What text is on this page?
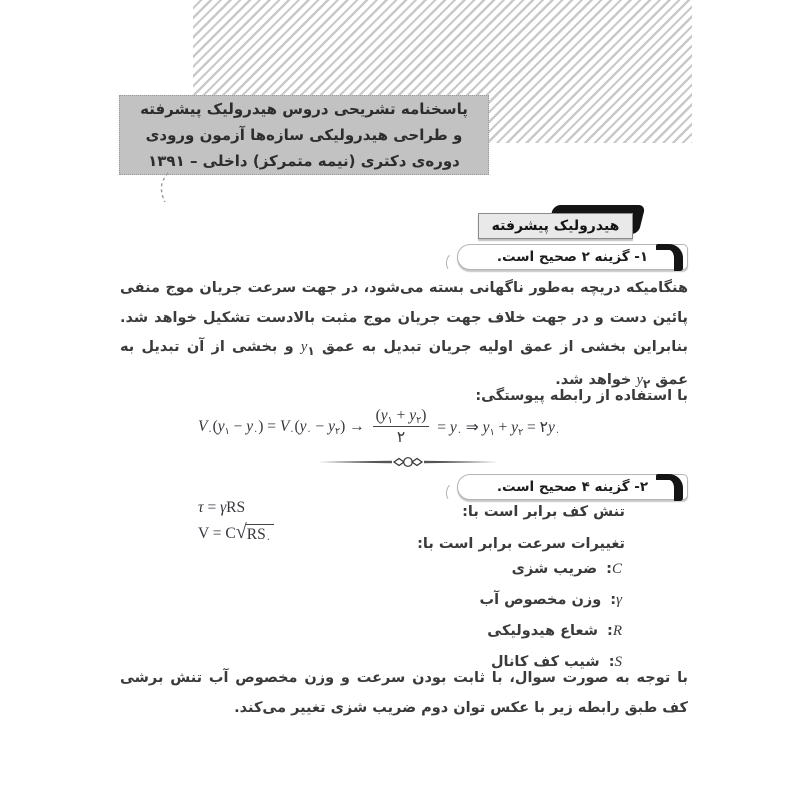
پاسخنامه تشریحی دروس هیدرولیک پیشرفته
و طراحی هیدرولیکی سازه‌ها آزمون ورودی
دوره‌ی دکتری (نیمه متمرکز) داخلی – ۱۳۹۱
هیدرولیک پیشرفته
۱- گزینه ۲ صحیح است.

هنگامیکه دریچه به‌طور ناگهانی بسته می‌شود، در جهت سرعت جریان موج منفی پائین دست و در جهت خلاف جهت جریان موج مثبت بالادست تشکیل خواهد شد. بنابراین بخشی از عمق اولیه جریان تبدیل به عمق $y_۱$ و بخشی از آن تبدیل به عمق $y_۲$ خواهد شد.

با استفاده از رابطه پیوستگی:
$V_۰(y_۱ - y_۰) = V_۰(y_۰ - y_۲) \to \frac{(y_۱ + y_۲)}{۲} = y_۰$ ⇒ $y_۱ + y_۲$ = $۲y_۰$
۲- گزینه ۴ صحیح است.
تنش کف برابر است با:
τ = γ RS
تغییرات سرعت برابر است با:
V = C √ $RS_۰$
C: ضریب شزی
γ: وزن مخصوص آب
R: شعاع هیدولیکی
S: شیب کف کانال

با توجه به صورت سوال، با ثابت بودن سرعت و وزن مخصوص آب تنش برشی کف طبق رابطه زیر با عکس توان دوم ضریب شزی تغییر می‌کند.
